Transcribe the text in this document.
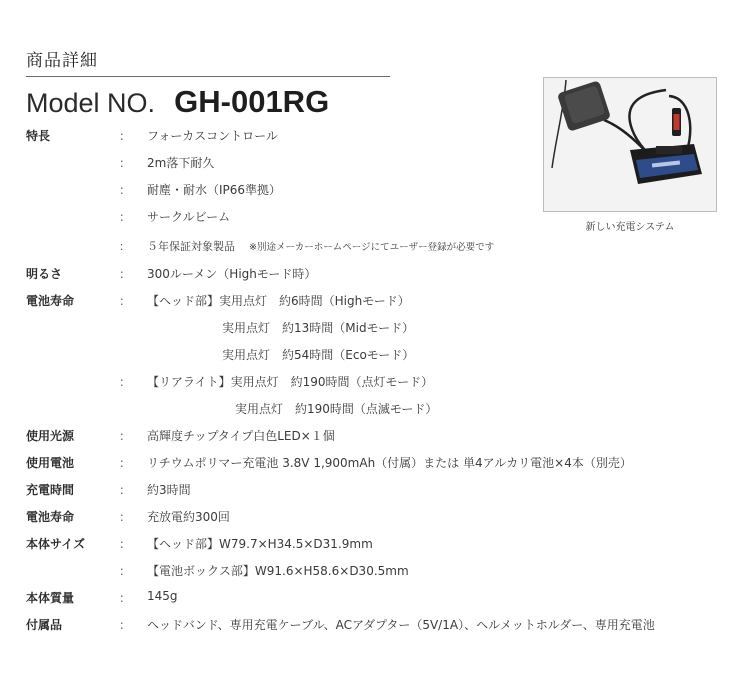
商品詳細
Model NO. GH-001RG
新しい充電システム
特長	： フォーカスコントロール
： 2m落下耐久
： 耐塵・耐水（IP66準拠）
： サークルビーム
： ５年保証対象製品 ※別途メーカーホームページにてユーザー登録が必要です
明るさ	： 300ルーメン（Highモード時）
電池寿命	： 【ヘッド部】実用点灯　約6時間（Highモード）
実用点灯　約13時間（Midモード）
実用点灯　約54時間（Ecoモード）
： 【リアライト】実用点灯　約190時間（点灯モード）
実用点灯　約190時間（点滅モード）
使用光源	： 高輝度チップタイプ白色LED×１個
使用電池	： リチウムポリマー充電池 3.8V 1,900mAh（付属）または 単4アルカリ電池×4本（別売）
充電時間	： 約3時間
電池寿命	： 充放電約300回
本体サイズ	： 【ヘッド部】W79.7×H34.5×D31.9mm
： 【電池ボックス部】W91.6×H58.6×D30.5mm
本体質量	： 145g
付属品	： ヘッドバンド、専用充電ケーブル、ACアダプター（5V/1A）、ヘルメットホルダー、専用充電池
